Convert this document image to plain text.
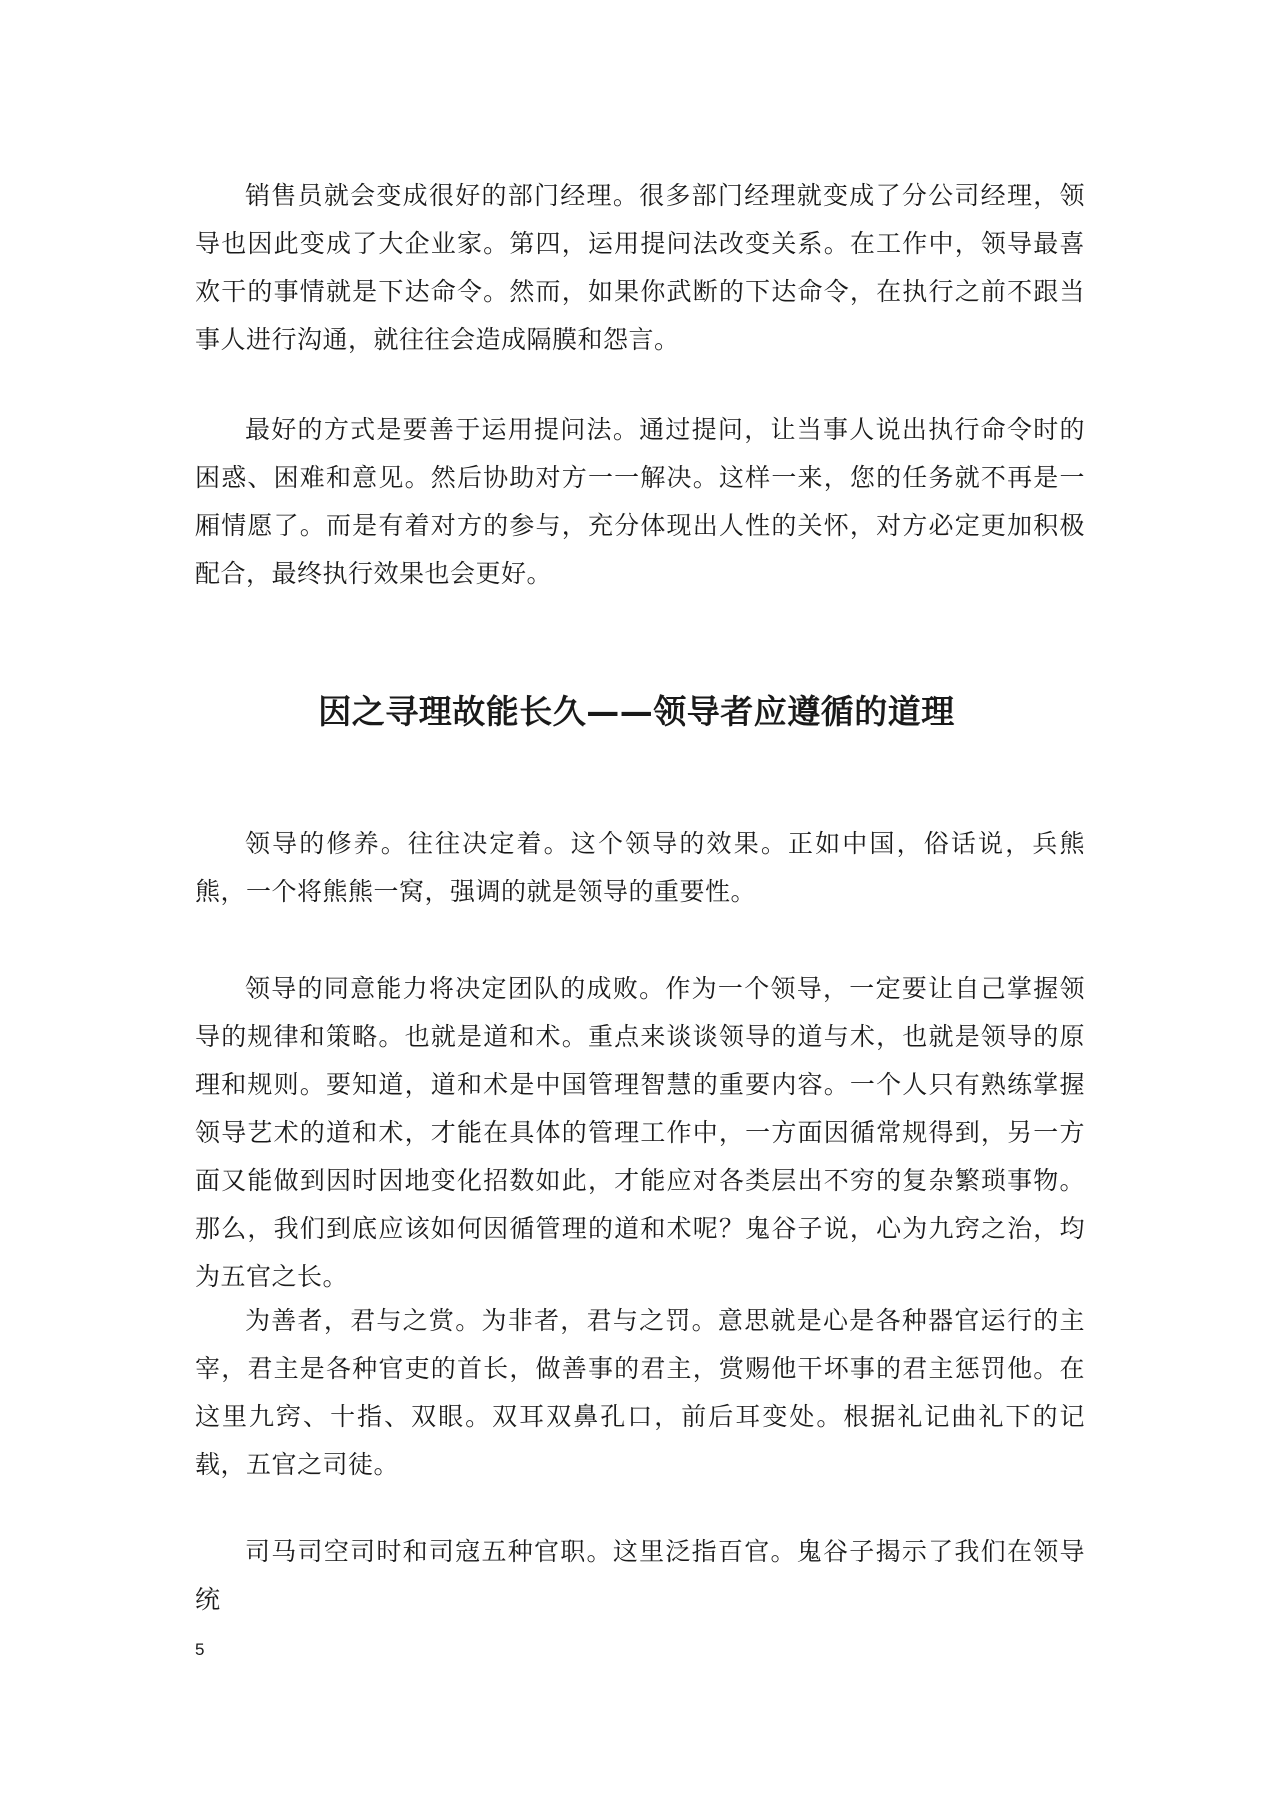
销售员就会变成很好的部门经理。很多部门经理就变成了分公司经理，领导也因此变成了大企业家。第四，运用提问法改变关系。在工作中，领导最喜欢干的事情就是下达命令。然而，如果你武断的下达命令，在执行之前不跟当事人进行沟通，就往往会造成隔膜和怨言。

最好的方式是要善于运用提问法。通过提问，让当事人说出执行命令时的困惑、困难和意见。然后协助对方一一解决。这样一来，您的任务就不再是一厢情愿了。而是有着对方的参与，充分体现出人性的关怀，对方必定更加积极配合，最终执行效果也会更好。

因之寻理故能长久——领导者应遵循的道理

领导的修养。往往决定着。这个领导的效果。正如中国，俗话说，兵熊熊，一个将熊熊一窝，强调的就是领导的重要性。

领导的同意能力将决定团队的成败。作为一个领导，一定要让自己掌握领导的规律和策略。也就是道和术。重点来谈谈领导的道与术，也就是领导的原理和规则。要知道，道和术是中国管理智慧的重要内容。一个人只有熟练掌握领导艺术的道和术，才能在具体的管理工作中，一方面因循常规得到，另一方面又能做到因时因地变化招数如此，才能应对各类层出不穷的复杂繁琐事物。那么，我们到底应该如何因循管理的道和术呢？鬼谷子说，心为九窍之治，均为五官之长。

为善者，君与之赏。为非者，君与之罚。意思就是心是各种器官运行的主宰，君主是各种官吏的首长，做善事的君主，赏赐他干坏事的君主惩罚他。在这里九窍、十指、双眼。双耳双鼻孔口，前后耳变处。根据礼记曲礼下的记载，五官之司徒。

司马司空司时和司寇五种官职。这里泛指百官。鬼谷子揭示了我们在领导统

5
